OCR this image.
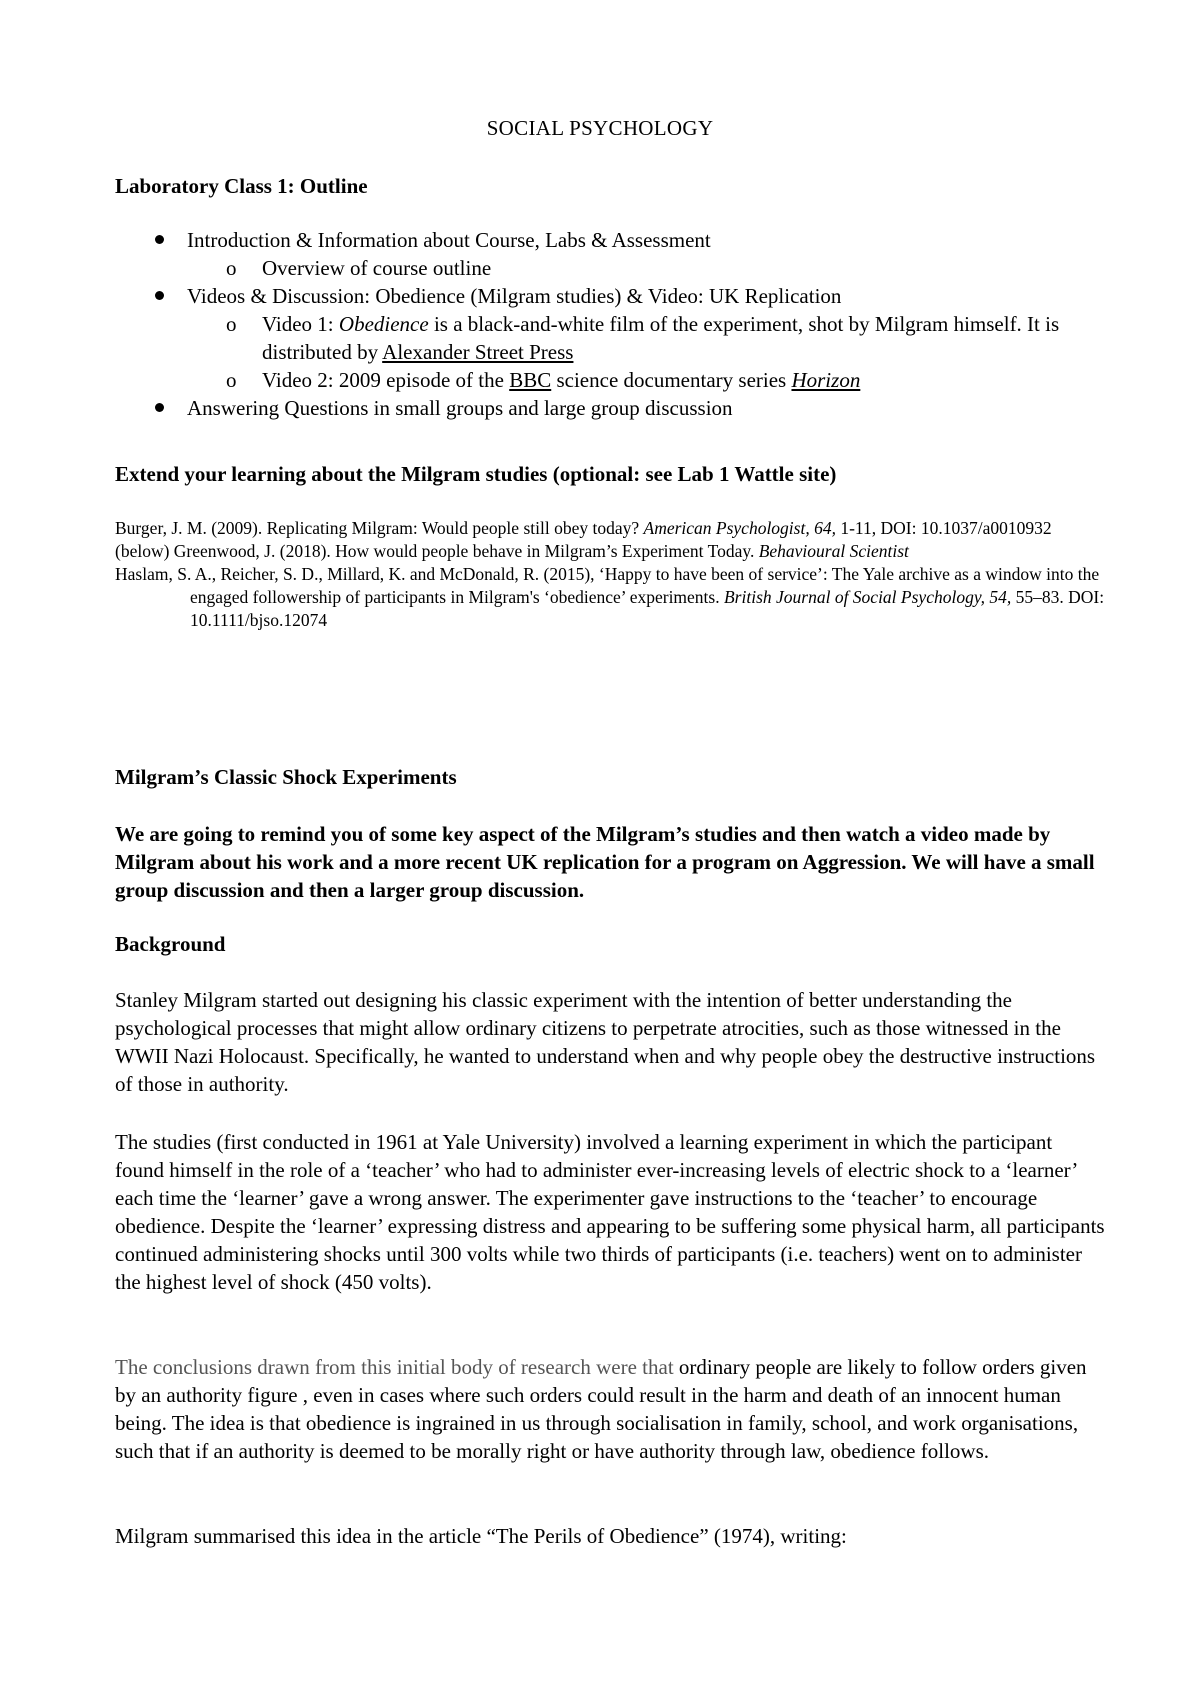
SOCIAL PSYCHOLOGY
Laboratory Class 1: Outline
Introduction & Information about Course, Labs & Assessment
o Overview of course outline
Videos & Discussion: Obedience (Milgram studies) & Video: UK Replication
o Video 1: Obedience is a black-and-white film of the experiment, shot by Milgram himself. It is distributed by Alexander Street Press
o Video 2: 2009 episode of the BBC science documentary series Horizon
Answering Questions in small groups and large group discussion
Extend your learning about the Milgram studies (optional: see Lab 1 Wattle site)
Burger, J. M. (2009). Replicating Milgram: Would people still obey today? American Psychologist, 64, 1-11, DOI: 10.1037/a0010932
(below) Greenwood, J. (2018). How would people behave in Milgram’s Experiment Today. Behavioural Scientist
Haslam, S. A., Reicher, S. D., Millard, K. and McDonald, R. (2015), ‘Happy to have been of service’: The Yale archive as a window into the engaged followership of participants in Milgram's ‘obedience’ experiments. British Journal of Social Psychology, 54, 55–83. DOI: 10.1111/bjso.12074
Milgram’s Classic Shock Experiments
We are going to remind you of some key aspect of the Milgram’s studies and then watch a video made by Milgram about his work and a more recent UK replication for a program on Aggression. We will have a small group discussion and then a larger group discussion.
Background
Stanley Milgram started out designing his classic experiment with the intention of better understanding the psychological processes that might allow ordinary citizens to perpetrate atrocities, such as those witnessed in the WWII Nazi Holocaust. Specifically, he wanted to understand when and why people obey the destructive instructions of those in authority.
The studies (first conducted in 1961 at Yale University) involved a learning experiment in which the participant found himself in the role of a ‘teacher’ who had to administer ever-increasing levels of electric shock to a ‘learner’ each time the ‘learner’ gave a wrong answer. The experimenter gave instructions to the ‘teacher’ to encourage obedience. Despite the ‘learner’ expressing distress and appearing to be suffering some physical harm, all participants continued administering shocks until 300 volts while two thirds of participants (i.e. teachers) went on to administer the highest level of shock (450 volts).
The conclusions drawn from this initial body of research were that ordinary people are likely to follow orders given by an authority figure , even in cases where such orders could result in the harm and death of an innocent human being. The idea is that obedience is ingrained in us through socialisation in family, school, and work organisations, such that if an authority is deemed to be morally right or have authority through law, obedience follows.
Milgram summarised this idea in the article “The Perils of Obedience” (1974), writing:
